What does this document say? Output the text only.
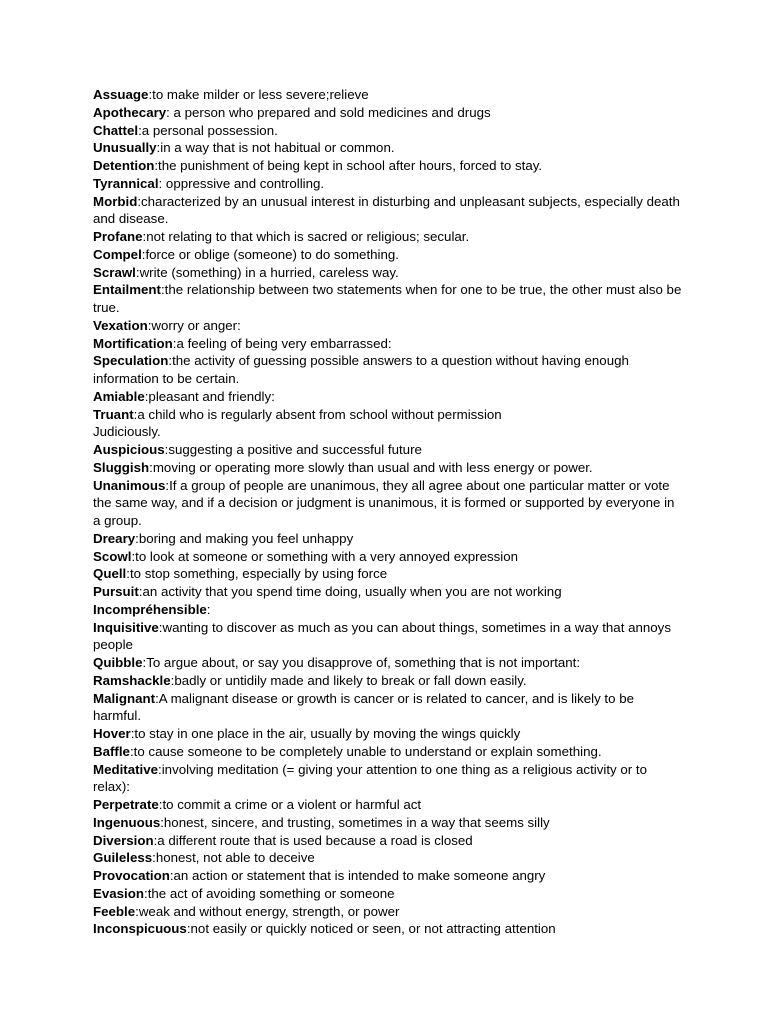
Assuage:to make milder or less severe;relieve

Apothecary: a person who prepared and sold medicines and drugs

Chattel:a personal possession.

Unusually:in a way that is not habitual or common.

Detention:the punishment of being kept in school after hours, forced to stay.

Tyrannical: oppressive and controlling.

Morbid:characterized by an unusual interest in disturbing and unpleasant subjects, especially death and disease.

Profane:not relating to that which is sacred or religious; secular.

Compel:force or oblige (someone) to do something.

Scrawl:write (something) in a hurried, careless way.

Entailment:the relationship between two statements when for one to be true, the other must also be true.

Vexation:worry or anger:

Mortification:a feeling of being very embarrassed:

Speculation:the activity of guessing possible answers to a question without having enough information to be certain.

Amiable:pleasant and friendly:

Truant:a child who is regularly absent from school without permission

Judiciously.

Auspicious:suggesting a positive and successful future

Sluggish:moving or operating more slowly than usual and with less energy or power.

Unanimous:If a group of people are unanimous, they all agree about one particular matter or vote the same way, and if a decision or judgment is unanimous, it is formed or supported by everyone in a group.

Dreary:boring and making you feel unhappy

Scowl:to look at someone or something with a very annoyed expression

Quell:to stop something, especially by using force

Pursuit:an activity that you spend time doing, usually when you are not working

Incompréhensible:

Inquisitive:wanting to discover as much as you can about things, sometimes in a way that annoys people

Quibble:To argue about, or say you disapprove of, something that is not important:

Ramshackle:badly or untidily made and likely to break or fall down easily.

Malignant:A malignant disease or growth is cancer or is related to cancer, and is likely to be harmful.

Hover:to stay in one place in the air, usually by moving the wings quickly

Baffle:to cause someone to be completely unable to understand or explain something.

Meditative:involving meditation (= giving your attention to one thing as a religious activity or to relax):

Perpetrate:to commit a crime or a violent or harmful act

Ingenuous:honest, sincere, and trusting, sometimes in a way that seems silly

Diversion:a different route that is used because a road is closed

Guileless:honest, not able to deceive

Provocation:an action or statement that is intended to make someone angry

Evasion:the act of avoiding something or someone

Feeble:weak and without energy, strength, or power

Inconspicuous:not easily or quickly noticed or seen, or not attracting attention
